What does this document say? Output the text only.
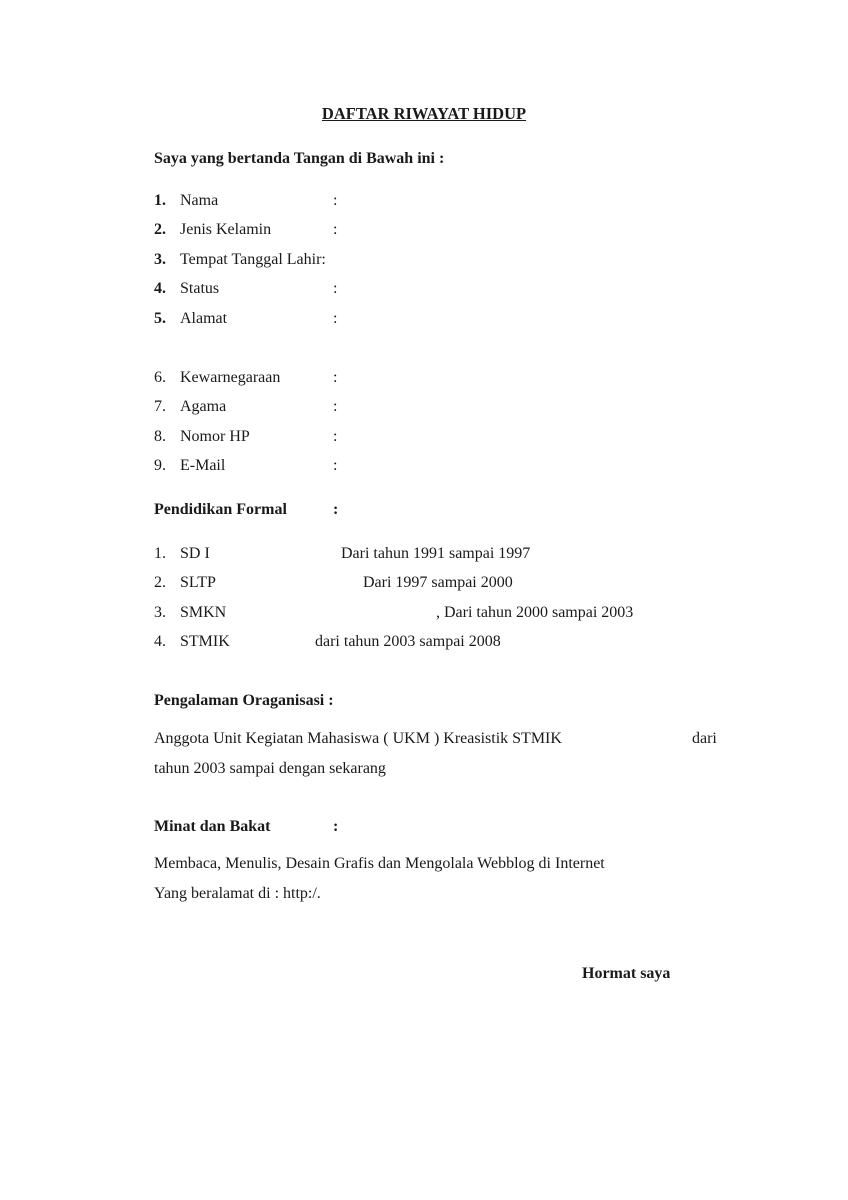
DAFTAR RIWAYAT HIDUP
Saya yang bertanda Tangan di Bawah ini :
1. Nama	:
2. Jenis Kelamin	:
3. Tempat Tanggal Lahir:
4. Status	:
5. Alamat	:
6. Kewarnegaraan	:
7. Agama	:
8. Nomor HP	:
9. E-Mail	:
Pendidikan Formal	:
1. SD I	Dari tahun 1991 sampai 1997
2. SLTP	Dari 1997 sampai 2000
3. SMKN	, Dari tahun 2000 sampai 2003
4. STMIK	dari tahun 2003 sampai 2008
Pengalaman Oraganisasi :
Anggota Unit Kegiatan Mahasiswa ( UKM ) Kreasistik STMIK	dari
tahun 2003 sampai dengan sekarang
Minat dan Bakat	:
Membaca, Menulis, Desain Grafis dan Mengolala Webblog di Internet
Yang beralamat di : http:/.
Hormat saya
